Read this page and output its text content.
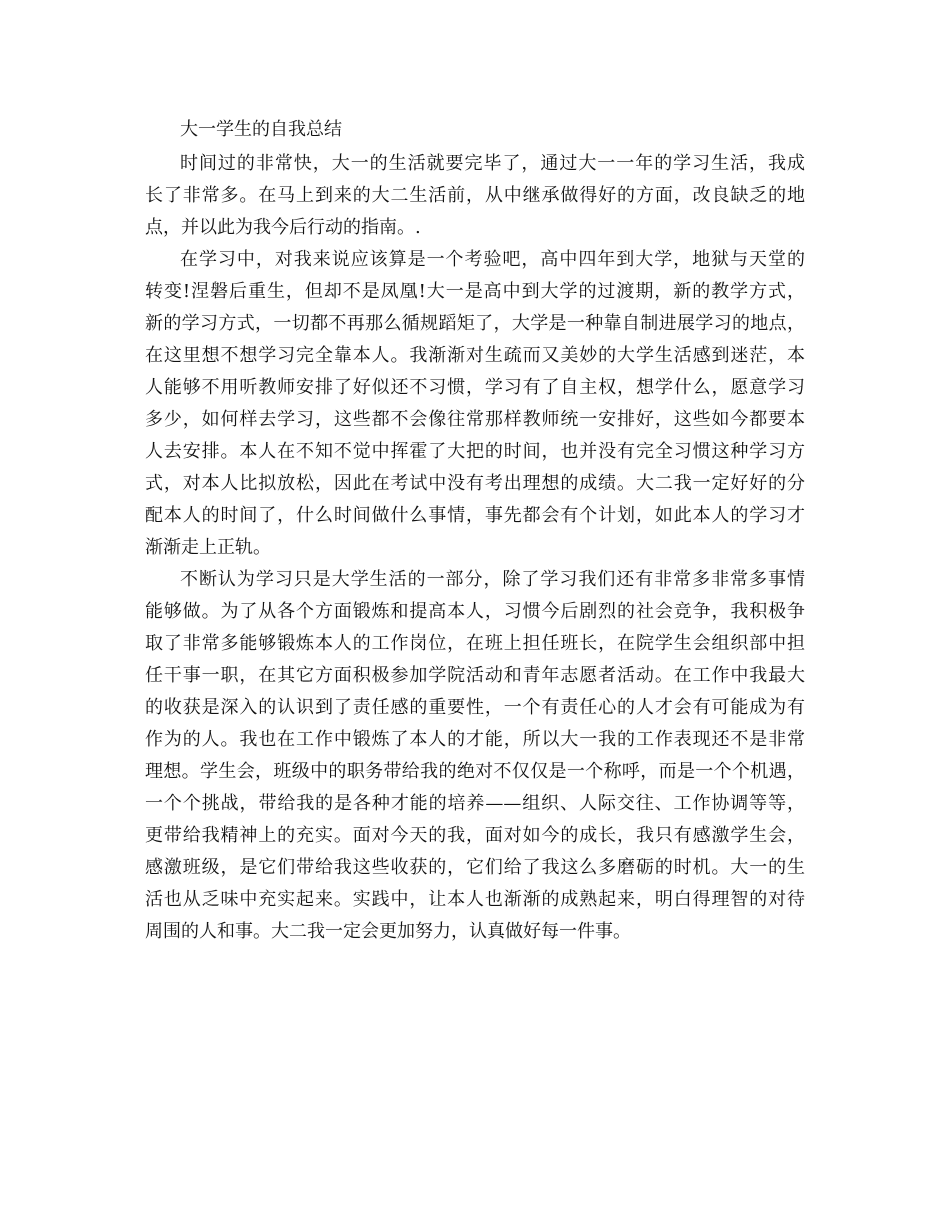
大一学生的自我总结
时间过的非常快，大一的生活就要完毕了，通过大一一年的学习生活，我成
长了非常多。在马上到来的大二生活前，从中继承做得好的方面，改良缺乏的地
点，并以此为我今后行动的指南。.
在学习中，对我来说应该算是一个考验吧，高中四年到大学，地狱与天堂的
转变!涅磐后重生，但却不是凤凰!大一是高中到大学的过渡期，新的教学方式，
新的学习方式，一切都不再那么循规蹈矩了，大学是一种靠自制进展学习的地点，
在这里想不想学习完全靠本人。我渐渐对生疏而又美妙的大学生活感到迷茫，本
人能够不用听教师安排了好似还不习惯，学习有了自主权，想学什么，愿意学习
多少，如何样去学习，这些都不会像往常那样教师统一安排好，这些如今都要本
人去安排。本人在不知不觉中挥霍了大把的时间，也并没有完全习惯这种学习方
式，对本人比拟放松，因此在考试中没有考出理想的成绩。大二我一定好好的分
配本人的时间了，什么时间做什么事情，事先都会有个计划，如此本人的学习才
渐渐走上正轨。
不断认为学习只是大学生活的一部分，除了学习我们还有非常多非常多事情
能够做。为了从各个方面锻炼和提高本人，习惯今后剧烈的社会竞争，我积极争
取了非常多能够锻炼本人的工作岗位，在班上担任班长，在院学生会组织部中担
任干事一职，在其它方面积极参加学院活动和青年志愿者活动。在工作中我最大
的收获是深入的认识到了责任感的重要性，一个有责任心的人才会有可能成为有
作为的人。我也在工作中锻炼了本人的才能，所以大一我的工作表现还不是非常
理想。学生会，班级中的职务带给我的绝对不仅仅是一个称呼，而是一个个机遇，
一个个挑战，带给我的是各种才能的培养——组织、人际交往、工作协调等等，
更带给我精神上的充实。面对今天的我，面对如今的成长，我只有感激学生会，
感激班级，是它们带给我这些收获的，它们给了我这么多磨砺的时机。大一的生
活也从乏味中充实起来。实践中，让本人也渐渐的成熟起来，明白得理智的对待
周围的人和事。大二我一定会更加努力，认真做好每一件事。
